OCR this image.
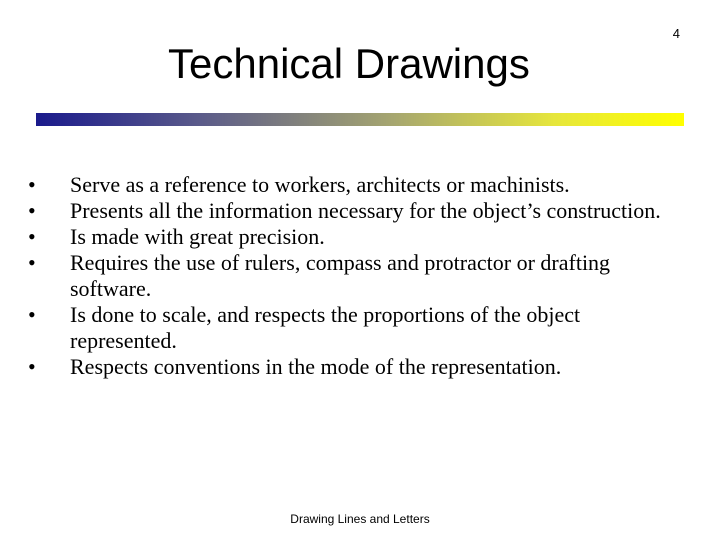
4
Technical Drawings
•	Serve as a reference to workers, architects or machinists.
•	Presents all the information necessary for the object’s construction.
•	Is made with great precision.
•	Requires the use of rulers, compass and protractor or drafting software.
•	Is done to scale, and respects the proportions of the object represented.
•	Respects conventions in the mode of the representation.
Drawing Lines and Letters
